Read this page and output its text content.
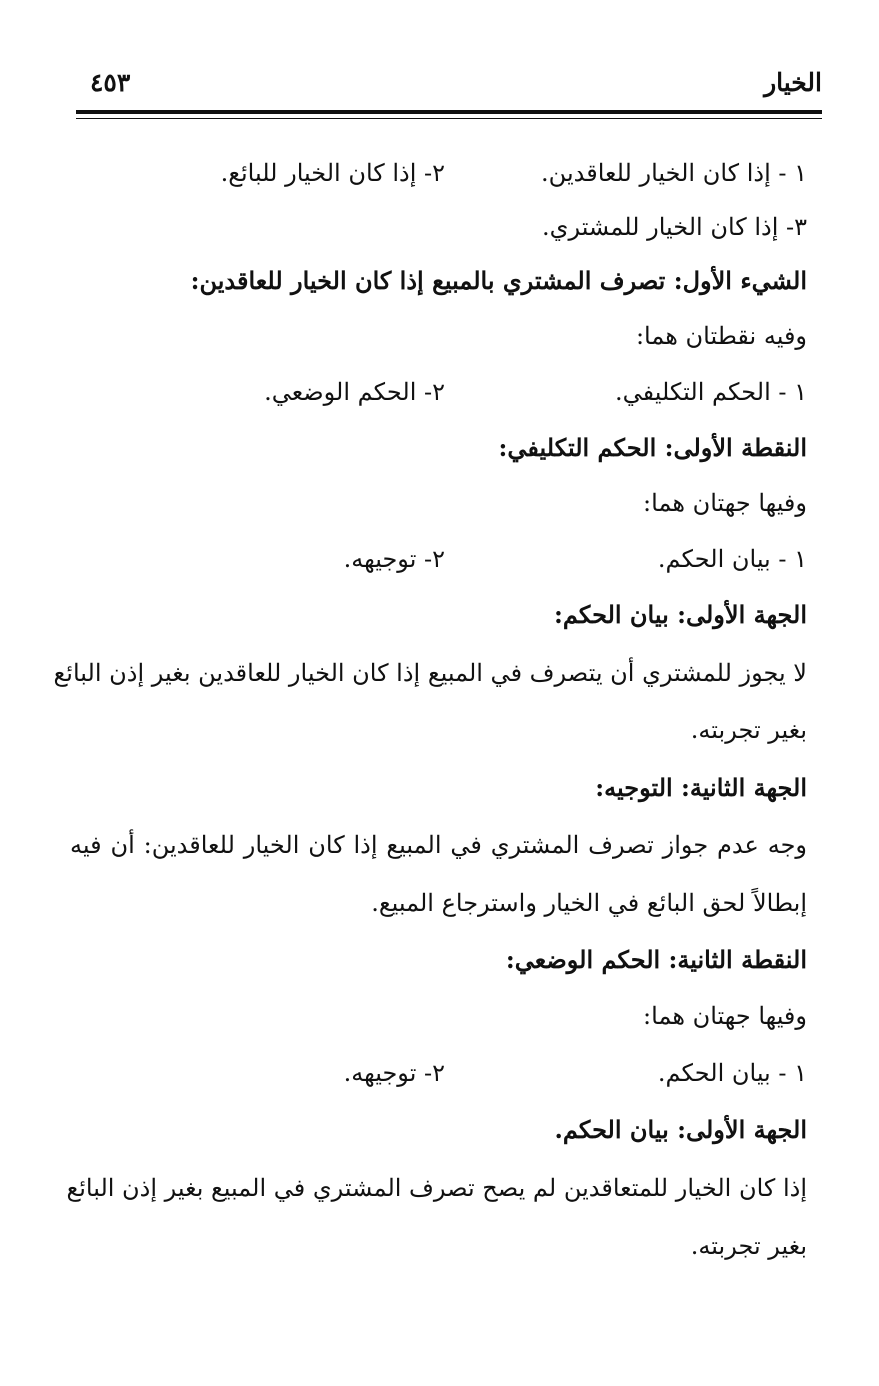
الخيار
٤٥٣
١ - إذا كان الخيار للعاقدين.
٢- إذا كان الخيار للبائع.
٣- إذا كان الخيار للمشتري.
الشيء الأول: تصرف المشتري بالمبيع إذا كان الخيار للعاقدين:
وفيه نقطتان هما:
١ - الحكم التكليفي.
٢- الحكم الوضعي.
النقطة الأولى: الحكم التكليفي:
وفيها جهتان هما:
١ - بيان الحكم.
٢- توجيهه.
الجهة الأولى: بيان الحكم:
لا يجوز للمشتري أن يتصرف في المبيع إذا كان الخيار للعاقدين بغير إذن البائع
بغير تجربته.
الجهة الثانية: التوجيه:
وجه عدم جواز تصرف المشتري في المبيع إذا كان الخيار للعاقدين: أن فيه
إبطالاً لحق البائع في الخيار واسترجاع المبيع.
النقطة الثانية: الحكم الوضعي:
وفيها جهتان هما:
١ - بيان الحكم.
٢- توجيهه.
الجهة الأولى: بيان الحكم.
إذا كان الخيار للمتعاقدين لم يصح تصرف المشتري في المبيع بغير إذن البائع
بغير تجربته.
